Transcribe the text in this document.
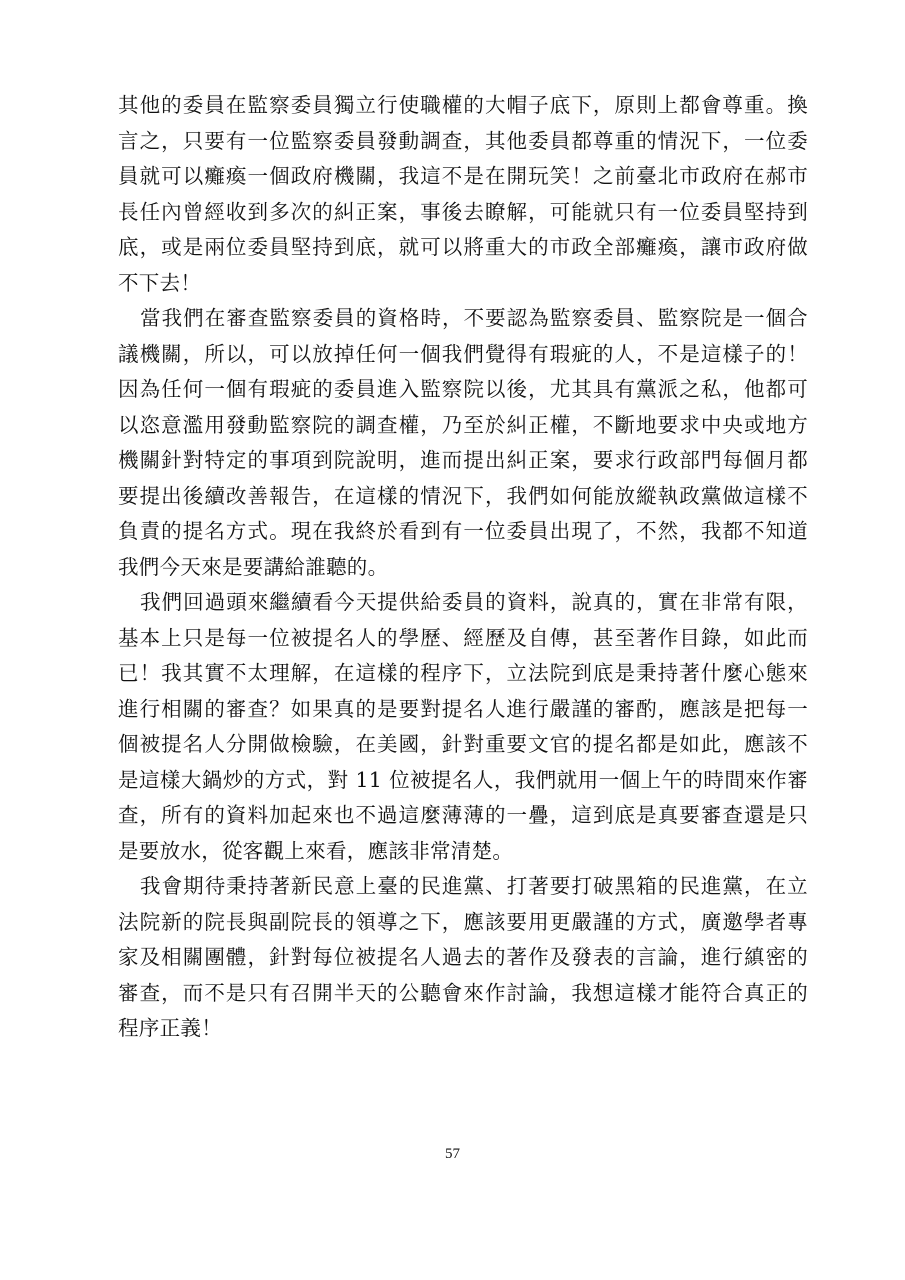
其他的委員在監察委員獨立行使職權的大帽子底下，原則上都會尊重。換
言之，只要有一位監察委員發動調查，其他委員都尊重的情況下，一位委
員就可以癱瘓一個政府機關，我這不是在開玩笑！之前臺北市政府在郝市
長任內曾經收到多次的糾正案，事後去瞭解，可能就只有一位委員堅持到
底，或是兩位委員堅持到底，就可以將重大的市政全部癱瘓，讓市政府做
不下去！
當我們在審查監察委員的資格時，不要認為監察委員、監察院是一個合
議機關，所以，可以放掉任何一個我們覺得有瑕疵的人，不是這樣子的！
因為任何一個有瑕疵的委員進入監察院以後，尤其具有黨派之私，他都可
以恣意濫用發動監察院的調查權，乃至於糾正權，不斷地要求中央或地方
機關針對特定的事項到院說明，進而提出糾正案，要求行政部門每個月都
要提出後續改善報告，在這樣的情況下，我們如何能放縱執政黨做這樣不
負責的提名方式。現在我終於看到有一位委員出現了，不然，我都不知道
我們今天來是要講給誰聽的。
我們回過頭來繼續看今天提供給委員的資料，說真的，實在非常有限，
基本上只是每一位被提名人的學歷、經歷及自傳，甚至著作目錄，如此而
已！我其實不太理解，在這樣的程序下，立法院到底是秉持著什麼心態來
進行相關的審查？如果真的是要對提名人進行嚴謹的審酌，應該是把每一
個被提名人分開做檢驗，在美國，針對重要文官的提名都是如此，應該不
是這樣大鍋炒的方式，對 11 位被提名人，我們就用一個上午的時間來作審
查，所有的資料加起來也不過這麼薄薄的一疊，這到底是真要審查還是只
是要放水，從客觀上來看，應該非常清楚。
我會期待秉持著新民意上臺的民進黨、打著要打破黑箱的民進黨，在立
法院新的院長與副院長的領導之下，應該要用更嚴謹的方式，廣邀學者專
家及相關團體，針對每位被提名人過去的著作及發表的言論，進行縝密的
審查，而不是只有召開半天的公聽會來作討論，我想這樣才能符合真正的
程序正義！
57
